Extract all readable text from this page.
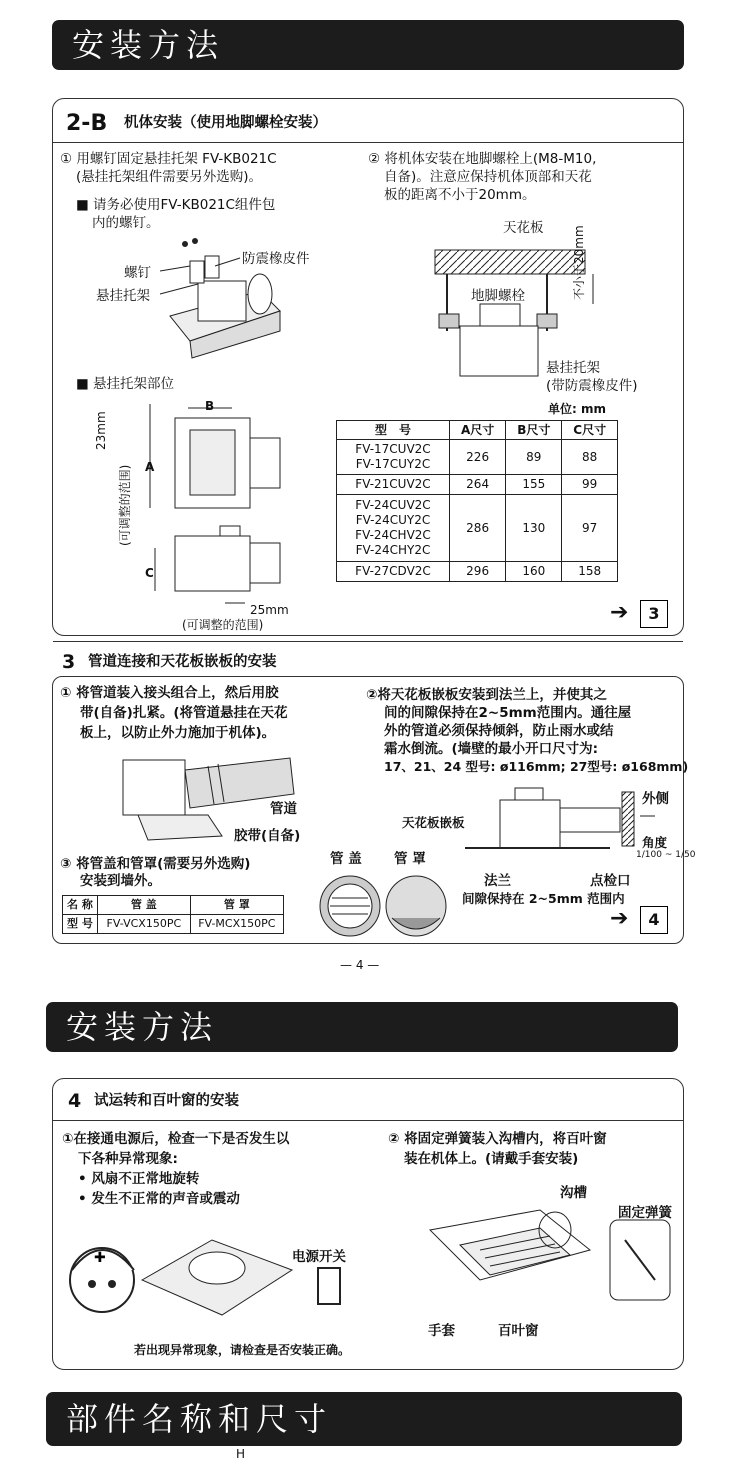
安装方法
2-B 机体安装（使用地脚螺栓安装）
① 用螺钉固定悬挂托架 FV-KB021C
(悬挂托架组件需要另外选购)。
■ 请务必使用FV-KB021C组件包
内的螺钉。
防震橡皮件
螺钉
悬挂托架
■ 悬挂托架部位
B
A
C
23mm
(可调整的范围)
25mm
(可调整的范围)
② 将机体安装在地脚螺栓上(M8-M10,
自备)。注意应保持机体顶部和天花
板的距离不小于20mm。
天花板
地脚螺栓	不小于20mm
悬挂托架
(带防震橡皮件)
单位: mm
型　号	A尺寸	B尺寸	C尺寸

FV-17CUV2C
FV-17CUY2C	226	89	88

FV-21CUV2C	264	155	99

FV-24CUV2C
FV-24CUY2C
FV-24CHV2C
FV-24CHY2C	286	130	97

FV-27CDV2C	296	160	158
➔	3
3 管道连接和天花板嵌板的安装
① 将管道装入接头组合上，然后用胶
带(自备)扎紧。(将管道悬挂在天花
板上，以防止外力施加于机体)。
管道
胶带(自备)
②将天花板嵌板安装到法兰上，并使其之
间的间隙保持在2~5mm范围内。通往屋
外的管道必须保持倾斜，防止雨水或结
霜水倒流。(墙壁的最小开口尺寸为:
17、21、24 型号: ø116mm; 27型号: ø168mm)
外侧
天花板嵌板
角度
1/100 ~ 1/50
法兰	点检口
间隙保持在 2~5mm 范围内
③ 将管盖和管罩(需要另外选购)
安装到墙外。
管 盖 管 罩
名 称	管 盖	管 罩
型 号	FV-VCX150PC	FV-MCX150PC	➔	4
— 4 —
安装方法
4 试运转和百叶窗的安装
①在接通电源后，检查一下是否发生以
下各种异常现象:
• 风扇不正常地旋转
• 发生不正常的声音或震动
✚	电源开关
若出现异常现象，请检查是否安装正确。
② 将固定弹簧装入沟槽内，将百叶窗
装在机体上。(请戴手套安装)
沟槽
固定弹簧
手套	百叶窗
部件名称和尺寸
H
